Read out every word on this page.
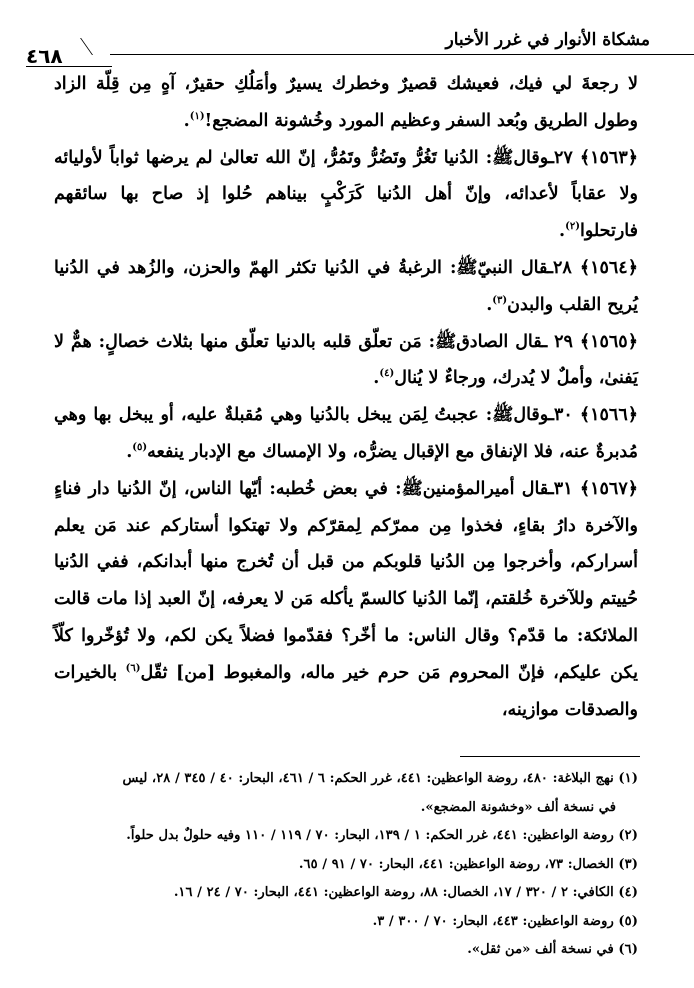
مشكاة الأنوار في غرر الأخبار
٤٦٨

لا رجعةَ لي فيك، فعيشك قصيرٌ وخطرك يسيرٌ وأمَلُكِ حقيرٌ، آهٍ مِن قِلّة الزاد وطول الطريق وبُعد السفر وعظيم المورد وخُشونة المضجع!$^{(١)}$.

﴿١٥٦٣﴾ ٢٧ـوقالﷺ: الدُنيا تَغُرُّ وتَضُرُّ وتَمُرُّ، إنّ الله تعالىٰ لم يرضها ثواباً لأوليائه ولا عقاباً لأعدائه، وإنّ أهل الدُنيا كَرَكْبٍ بيناهم حُلوا إذ صاح بها سائقهم فارتحلوا$^{(٢)}$.

﴿١٥٦٤﴾ ٢٨ـقال النبيّﷺ: الرغبةُ في الدُنيا تكثر الهمّ والحزن، والزُهد في الدُنيا يُريح القلب والبدن$^{(٣)}$.

﴿١٥٦٥﴾ ٢٩ ـقال الصادقﷺ: مَن تعلّق قلبه بالدنيا تعلّق منها بثلاث خصالٍ: همٌّ لا يَفنىٰ، وأملٌ لا يُدرك، ورجاءٌ لا يُنال$^{(٤)}$.

﴿١٥٦٦﴾ ٣٠ـوقالﷺ: عجبتُ لِمَن يبخل بالدُنيا وهي مُقبلةٌ عليه، أو يبخل بها وهي مُدبرةٌ عنه، فلا الإنفاق مع الإقبال يضرُّه، ولا الإمساك مع الإدبار ينفعه$^{(٥)}$.

﴿١٥٦٧﴾ ٣١ـقال أميرالمؤمنينﷺ: في بعض خُطبه: أيّها الناس، إنّ الدُنيا دار فناءٍ والآخرة دارُ بقاءٍ، فخذوا مِن ممرّكم لِمقرّكم ولا تهتكوا أستاركم عند مَن يعلم أسراركم، وأخرجوا مِن الدُنيا قلوبكم من قبل أن تُخرج منها أبدانكم، ففي الدُنيا حُييتم وللآخرة خُلقتم، إنّما الدُنيا كالسمّ يأكله مَن لا يعرفه، إنّ العبد إذا مات قالت الملائكة: ما قدّم؟ وقال الناس: ما أخّر؟ فقدّموا فضلاً يكن لكم، ولا تُؤخّروا كلّاً يكن عليكم، فإنّ المحروم مَن حرم خير ماله، والمغبوط [من] ثقّل$^{(٦)}$ بالخيرات والصدقات موازينه،

(١) نهج البلاغة: ٤٨٠، روضة الواعظين: ٤٤١، غرر الحكم: ٦ / ٤٦١، البحار: ٤٠ / ٣٤٥ / ٢٨، ليس

في نسخة ألف «وخشونة المضجع».

(٢) روضة الواعظين: ٤٤١، غرر الحكم: ١ / ١٣٩، البحار: ٧٠ / ١١٩ / ١١٠ وفيه حلولٌ بدل حلواً.

(٣) الخصال: ٧٣، روضة الواعظين: ٤٤١، البحار: ٧٠ / ٩١ / ٦٥.

(٤) الكافي: ٢ / ٣٢٠ / ١٧، الخصال: ٨٨، روضة الواعظين: ٤٤١، البحار: ٧٠ / ٢٤ / ١٦.

(٥) روضة الواعظين: ٤٤٣، البحار: ٧٠ / ٣٠٠ / ٣.

(٦) في نسخة ألف «من ثقل».
